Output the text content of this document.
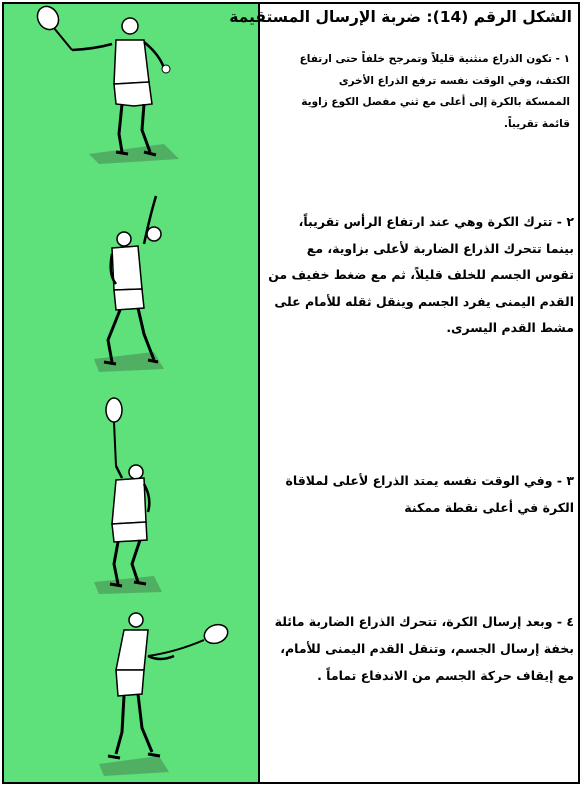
الشكل الرقم (14): ضربة الإرسال المستقيمة
١ - تكون الذراع منثنية قليلاً وتمرجح خلفاً حتى ارتفاع الكتف، وفي الوقت نفسه ترفع الذراع الأخرى الممسكة بالكرة إلى أعلى مع ثني مفصل الكوع زاوية قائمة تقريباً.
٢ - تترك الكرة وهي عند ارتفاع الرأس تقريباً، بينما تتحرك الذراع الضاربة لأعلى بزاوية، مع تقوس الجسم للخلف قليلاً، ثم مع ضغط خفيف من القدم اليمنى يفرد الجسم وينقل ثقله للأمام على مشط القدم اليسرى.
٣ - وفي الوقت نفسه يمتد الذراع لأعلى لملاقاة الكرة في أعلى نقطة ممكنة
٤ - وبعد إرسال الكرة، تتحرك الذراع الضاربة مائلة بخفة إرسال الجسم، وتنقل القدم اليمنى للأمام، مع إيقاف حركة الجسم من الاندفاع تماماً .
